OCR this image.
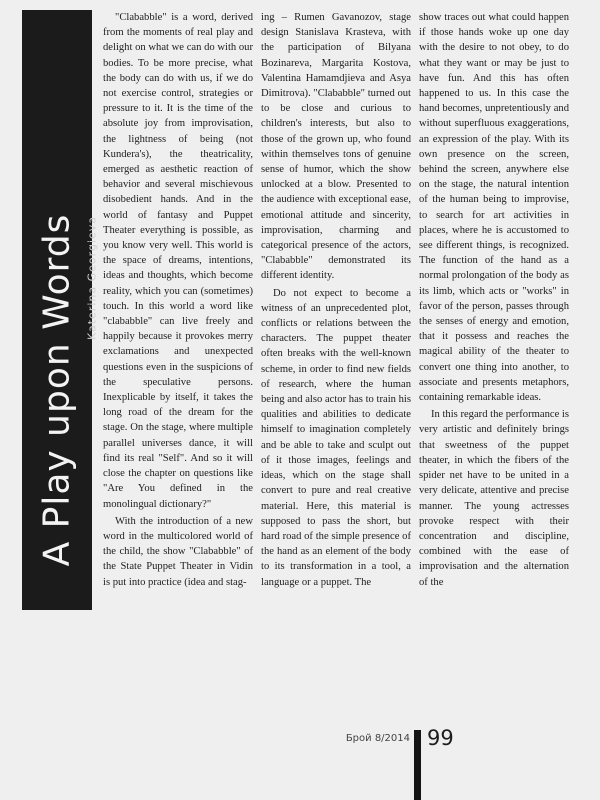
A Play upon Words Katerina Georgieva

"Clababble" is a word, derived from the moments of real play and delight on what we can do with our bodies. To be more precise, what the body can do with us, if we do not exercise control, strategies or pressure to it. It is the time of the absolute joy from improvisation, the lightness of being (not Kundera's), the theatricality, emerged as aesthetic reaction of behavior and several mischievous disobedient hands. And in the world of fantasy and Puppet Theater everything is possible, as you know very well. This world is the space of dreams, intentions, ideas and thoughts, which become reality, which you can (sometimes) touch. In this world a word like "clababble" can live freely and happily because it provokes merry exclamations and unexpected questions even in the suspicions of the speculative persons. Inexplicable by itself, it takes the long road of the dream for the stage. On the stage, where multiple parallel universes dance, it will find its real "Self". And so it will close the chapter on questions like "Are You defined in the monolingual dictionary?"

With the introduction of a new word in the multicolored world of the child, the show "Clababble" of the State Puppet Theater in Vidin is put into practice (idea and stag-

ing – Rumen Gavanozov, stage design Stanislava Krasteva, with the participation of Bilyana Bozinareva, Margarita Kostova, Valentina Hamamdjieva and Asya Dimitrova). "Clababble" turned out to be close and curious to children's interests, but also to those of the grown up, who found within themselves tons of genuine sense of humor, which the show unlocked at a blow. Presented to the audience with exceptional ease, emotional attitude and sincerity, improvisation, charming and categorical presence of the actors, "Clababble" demonstrated its different identity.

Do not expect to become a witness of an unprecedented plot, conflicts or relations between the characters. The puppet theater often breaks with the well-known scheme, in order to find new fields of research, where the human being and also actor has to train his qualities and abilities to dedicate himself to imagination completely and be able to take and sculpt out of it those images, feelings and ideas, which on the stage shall convert to pure and real creative material. Here, this material is supposed to pass the short, but hard road of the simple presence of the hand as an element of the body to its transformation in a tool, a language or a puppet. The

show traces out what could happen if those hands woke up one day with the desire to not obey, to do what they want or may be just to have fun. And this has often happened to us. In this case the hand becomes, unpretentiously and without superfluous exaggerations, an expression of the play. With its own presence on the screen, behind the screen, anywhere else on the stage, the natural intention of the human being to improvise, to search for art activities in places, where he is accustomed to see different things, is recognized. The function of the hand as a normal prolongation of the body as its limb, which acts or "works" in favor of the person, passes through the senses of energy and emotion, that it possess and reaches the magical ability of the theater to convert one thing into another, to associate and presents metaphors, containing remarkable ideas.

In this regard the performance is very artistic and definitely brings that sweetness of the puppet theater, in which the fibers of the spider net have to be united in a very delicate, attentive and precise manner. The young actresses provoke respect with their concentration and discipline, combined with the ease of improvisation and the alternation of the

Брой 8/2014 99
